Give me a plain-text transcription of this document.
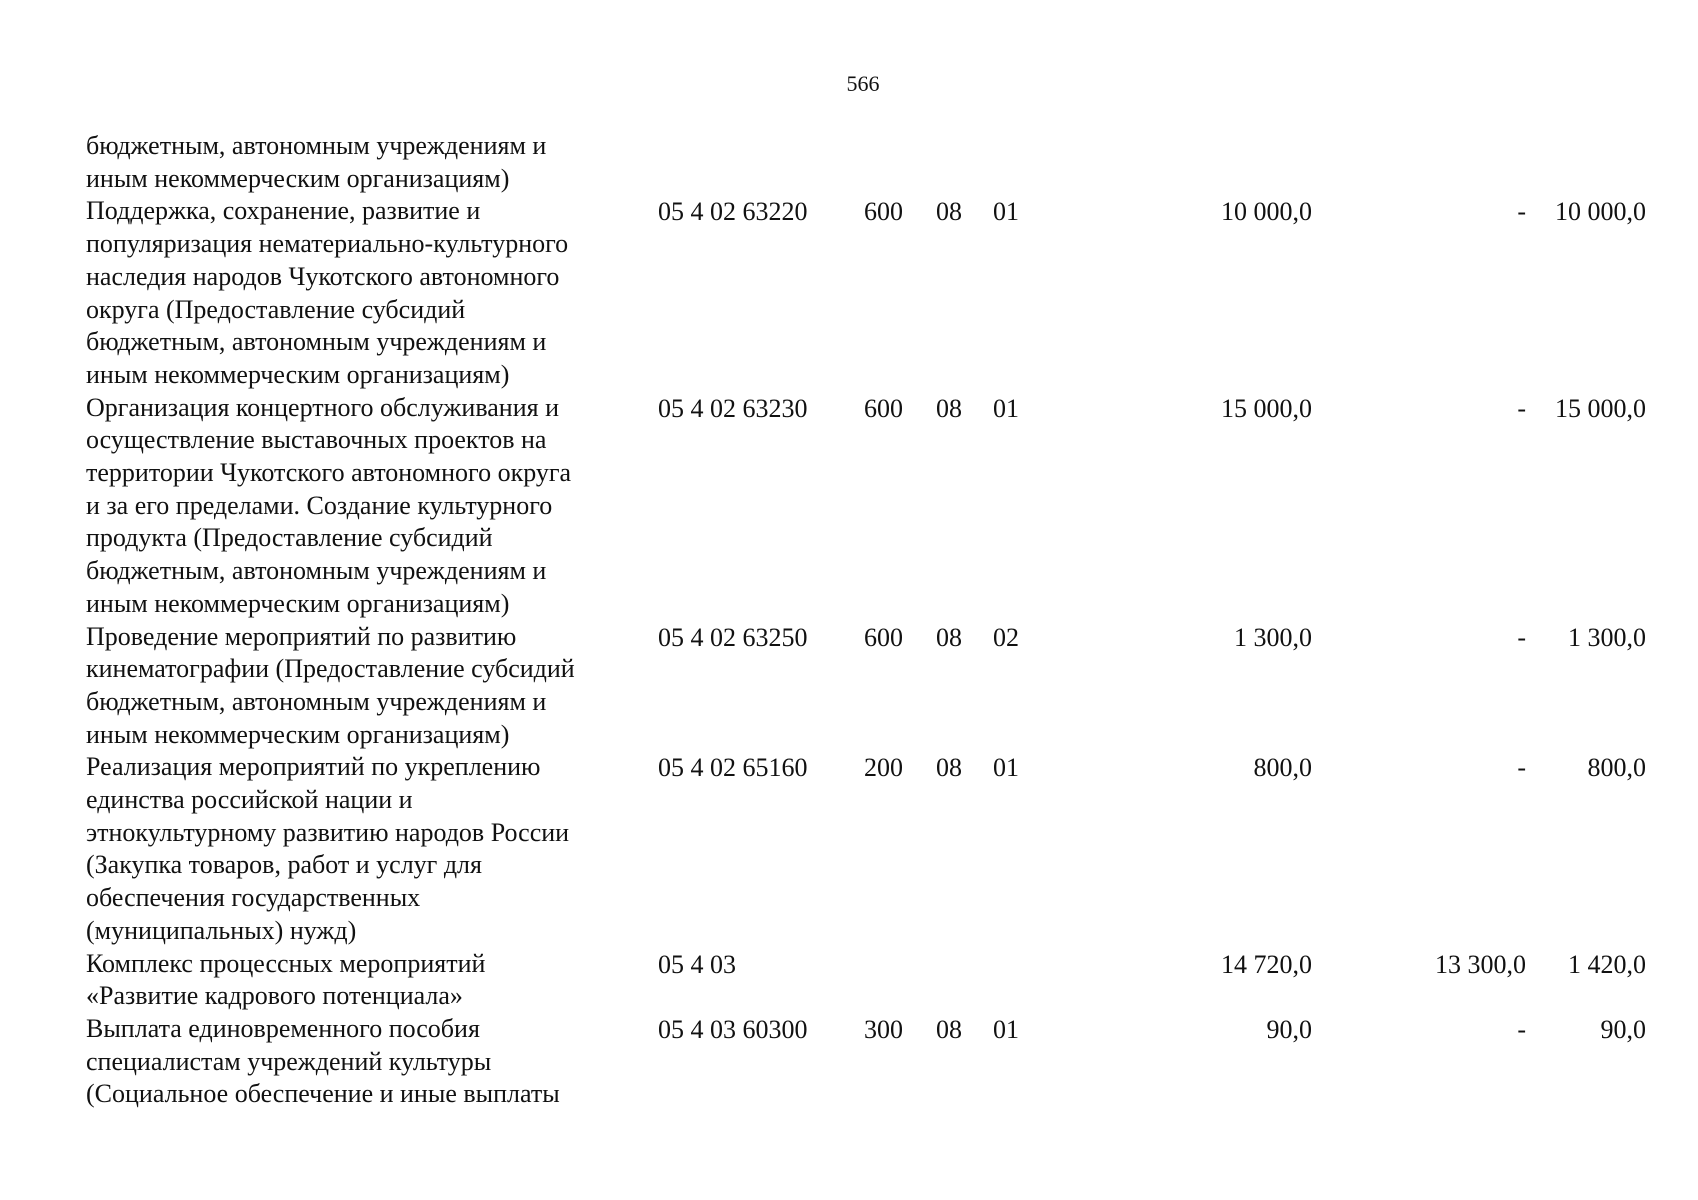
566
бюджетным, автономным учреждениям и
иным некоммерческим организациям)
Поддержка, сохранение, развитие и
популяризация нематериально-культурного
наследия народов Чукотского автономного
округа (Предоставление субсидий
бюджетным, автономным учреждениям и
иным некоммерческим организациям)
05 4 02 63220 600 08 01	10 000,0	- 10 000,0
Организация концертного обслуживания и
осуществление выставочных проектов на
территории Чукотского автономного округа
и за его пределами. Создание культурного
продукта (Предоставление субсидий
бюджетным, автономным учреждениям и
иным некоммерческим организациям)
05 4 02 63230 600 08 01	15 000,0	- 15 000,0
Проведение мероприятий по развитию
кинематографии (Предоставление субсидий
бюджетным, автономным учреждениям и
иным некоммерческим организациям)
05 4 02 63250 600 08 02	1 300,0	- 1 300,0
Реализация мероприятий по укреплению
единства российской нации и
этнокультурному развитию народов России
(Закупка товаров, работ и услуг для
обеспечения государственных
(муниципальных) нужд)
05 4 02 65160 200 08 01	800,0	- 800,0
Комплекс процессных мероприятий
«Развитие кадрового потенциала»
05 4 03	14 720,0	13 300,0 1 420,0
Выплата единовременного пособия
специалистам учреждений культуры
(Социальное обеспечение и иные выплаты
05 4 03 60300 300 08 01	90,0	-	90,0
